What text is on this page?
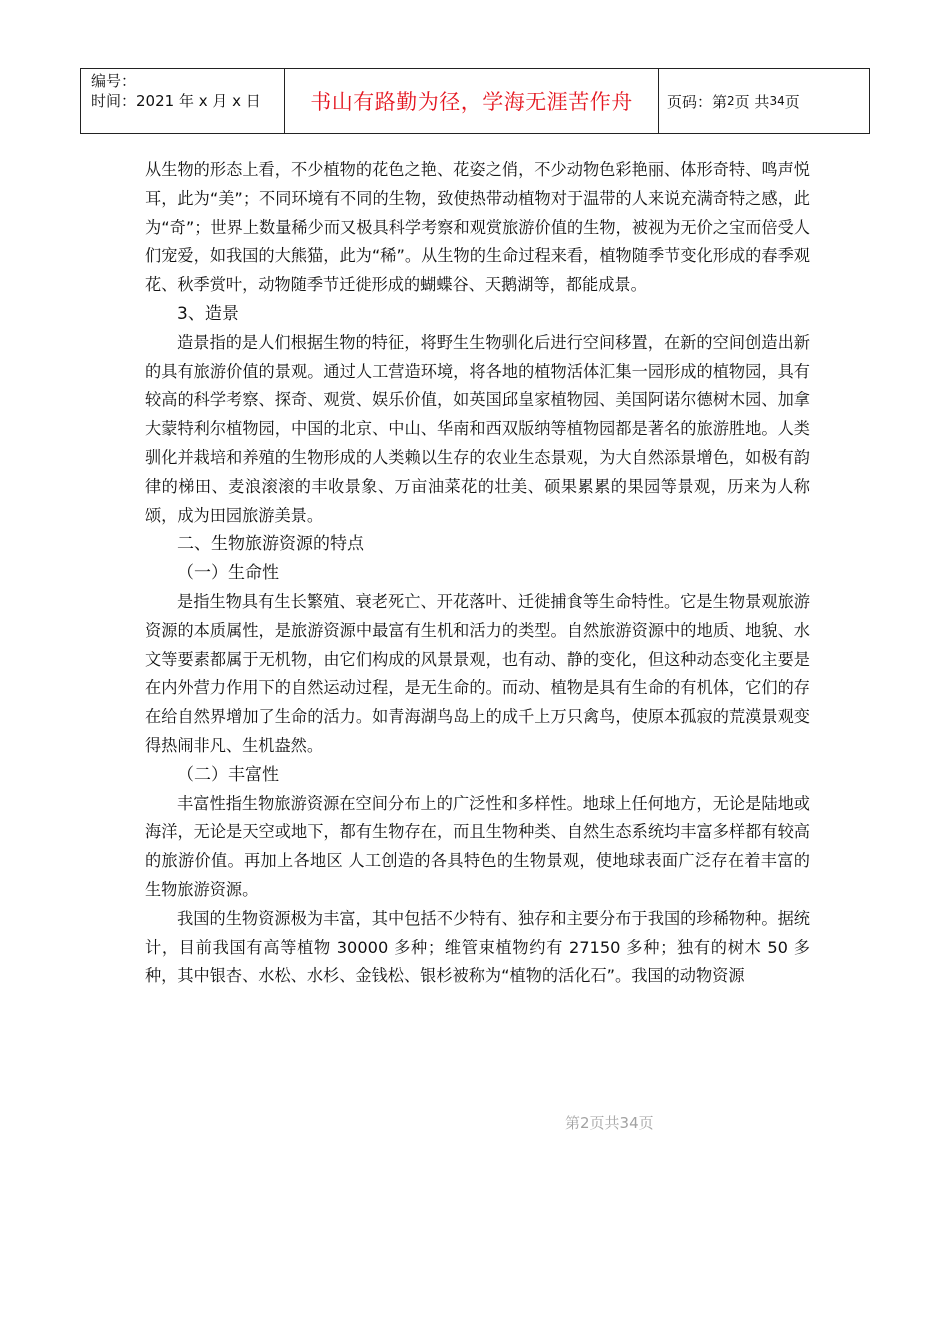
编号：
时间：2021 年 x 月 x 日 书山有路勤为径，学海无涯苦作舟 页码：第 2 页 共 34 页

从生物的形态上看，不少植物的花色之艳、花姿之俏，不少动物色彩艳丽、体形奇特、鸣声悦耳，此为“美”；不同环境有不同的生物，致使热带动植物对于温带的人来说充满奇特之感，此为“奇”；世界上数量稀少而又极具科学考察和观赏旅游价值的生物，被视为无价之宝而倍受人们宠爱，如我国的大熊猫，此为“稀”。从生物的生命过程来看，植物随季节变化形成的春季观花、秋季赏叶，动物随季节迁徙形成的蝴蝶谷、天鹅湖等，都能成景。

3、造景

造景指的是人们根据生物的特征，将野生生物驯化后进行空间移置，在新的空间创造出新的具有旅游价值的景观。通过人工营造环境，将各地的植物活体汇集一园形成的植物园，具有较高的科学考察、探奇、观赏、娱乐价值，如英国邱皇家植物园、美国阿诺尔德树木园、加拿大蒙特利尔植物园，中国的北京、中山、华南和西双版纳等植物园都是著名的旅游胜地。人类驯化并栽培和养殖的生物形成的人类赖以生存的农业生态景观，为大自然添景增色，如极有韵律的梯田、麦浪滚滚的丰收景象、万亩油菜花的壮美、硕果累累的果园等景观，历来为人称颂，成为田园旅游美景。

二、生物旅游资源的特点

（一）生命性

是指生物具有生长繁殖、衰老死亡、开花落叶、迁徙捕食等生命特性。它是生物景观旅游资源的本质属性，是旅游资源中最富有生机和活力的类型。自然旅游资源中的地质、地貌、水文等要素都属于无机物，由它们构成的风景景观，也有动、静的变化，但这种动态变化主要是在内外营力作用下的自然运动过程，是无生命的。而动、植物是具有生命的有机体，它们的存在给自然界增加了生命的活力。如青海湖鸟岛上的成千上万只禽鸟，使原本孤寂的荒漠景观变得热闹非凡、生机盎然。

（二）丰富性

丰富性指生物旅游资源在空间分布上的广泛性和多样性。地球上任何地方，无论是陆地或海洋，无论是天空或地下，都有生物存在，而且生物种类、自然生态系统均丰富多样都有较高的旅游价值。再加上各地区 人工创造的各具特色的生物景观，使地球表面广泛存在着丰富的生物旅游资源。

我国的生物资源极为丰富，其中包括不少特有、独存和主要分布于我国的珍稀物种。据统计，目前我国有高等植物 30000 多种；维管束植物约有 27150 多种；独有的树木 50 多种，其中银杏、水松、水杉、金钱松、银杉被称为“植物的活化石”。我国的动物资源

第2页共34页
